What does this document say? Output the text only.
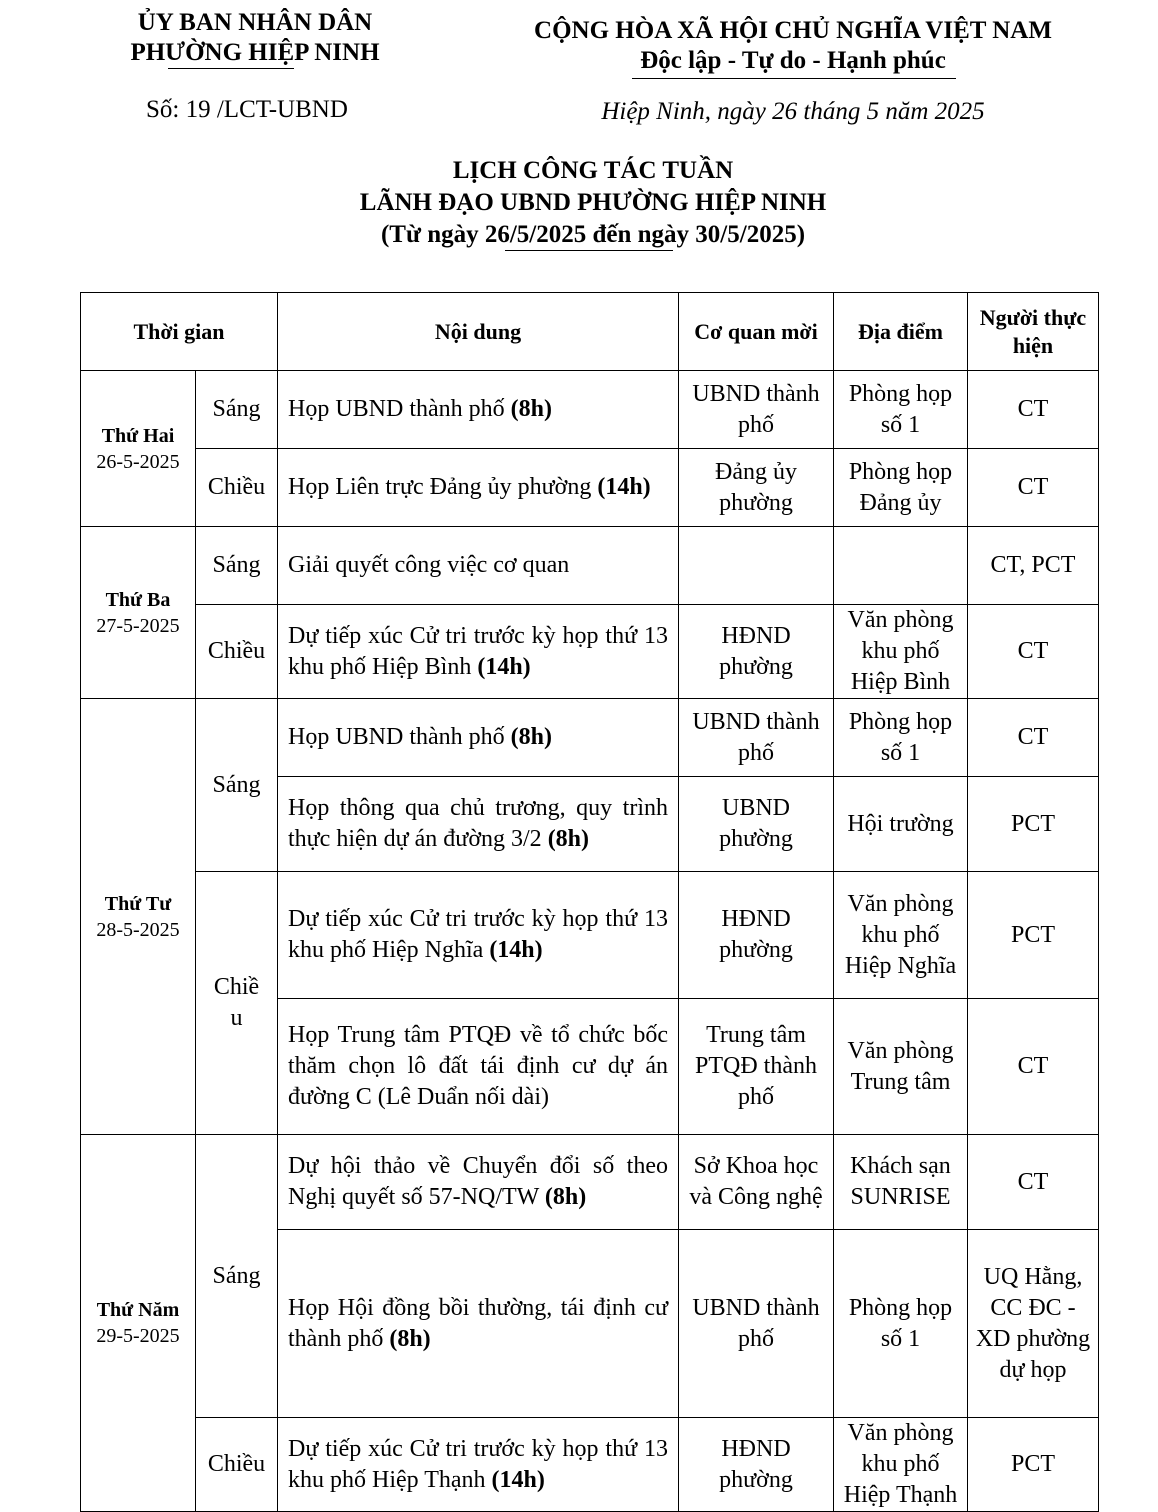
ỦY BAN NHÂN DÂN
PHƯỜNG HIỆP NINH
CỘNG HÒA XÃ HỘI CHỦ NGHĨA VIỆT NAM
Độc lập - Tự do - Hạnh phúc
Số: 19 /LCT-UBND	Hiệp Ninh, ngày 26 tháng 5 năm 2025
LỊCH CÔNG TÁC TUẦN
LÃNH ĐẠO UBND PHƯỜNG HIỆP NINH
(Từ ngày 26/5/2025 đến ngày 30/5/2025)
Thời gian		Nội dung	Cơ quan mời	Địa điểm	Người thực hiện

Thứ Hai
26-5-2025	Sáng	Họp UBND thành phố (8h)	UBND thành phố	Phòng họp số 1	CT
	Chiều	Họp Liên trực Đảng ủy phường (14h)	Đảng ủy phường	Phòng họp Đảng ủy	CT

Thứ Ba
27-5-2025	Sáng	Giải quyết công việc cơ quan			CT, PCT
	Chiều	Dự tiếp xúc Cử tri trước kỳ họp thứ 13 khu phố Hiệp Bình (14h)	HĐND phường	Văn phòng khu phố Hiệp Bình	CT

Thứ Tư
28-5-2025	Sáng	Họp UBND thành phố (8h)	UBND thành phố	Phòng họp số 1	CT
		Họp thông qua chủ trương, quy trình thực hiện dự án đường 3/2 (8h)	UBND phường	Hội trường	PCT
	Chiều	Dự tiếp xúc Cử tri trước kỳ họp thứ 13 khu phố Hiệp Nghĩa (14h)	HĐND phường	Văn phòng khu phố Hiệp Nghĩa	PCT
		Họp Trung tâm PTQĐ về tổ chức bốc thăm chọn lô đất tái định cư dự án đường C (Lê Duẩn nối dài)	Trung tâm PTQĐ thành phố	Văn phòng Trung tâm	CT

Thứ Năm
29-5-2025	Sáng	Dự hội thảo về Chuyển đổi số theo Nghị quyết số 57-NQ/TW (8h)	Sở Khoa học và Công nghệ	Khách sạn SUNRISE	CT
		Họp Hội đồng bồi thường, tái định cư thành phố (8h)	UBND thành phố	Phòng họp số 1	UQ Hằng, CC ĐC - XD phường dự họp
	Chiều	Dự tiếp xúc Cử tri trước kỳ họp thứ 13 khu phố Hiệp Thạnh (14h)	HĐND phường	Văn phòng khu phố Hiệp Thạnh	PCT
